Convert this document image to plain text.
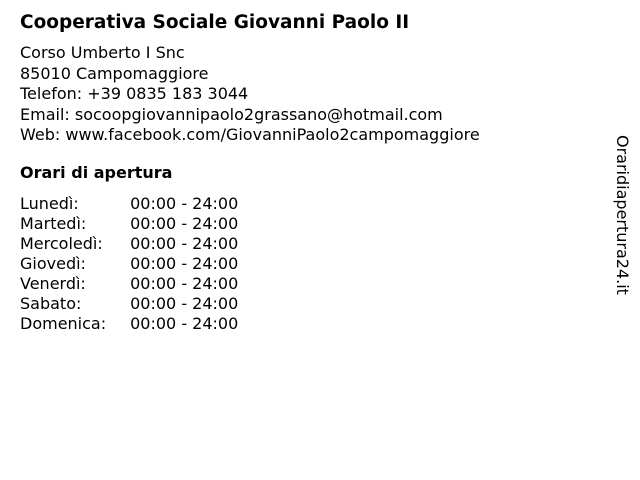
Cooperativa Sociale Giovanni Paolo II
Corso Umberto I Snc
85010 Campomaggiore
Telefon: +39 0835 183 3044
Email: socoopgiovannipaolo2grassano@hotmail.com
Web: www.facebook.com/GiovanniPaolo2campomaggiore
Orari di apertura
Lunedì:	00:00 - 24:00
Martedì:	00:00 - 24:00
Mercoledì:	00:00 - 24:00
Giovedì:	00:00 - 24:00
Venerdì:	00:00 - 24:00
Sabato:	00:00 - 24:00
Domenica:	00:00 - 24:00
Oraridiapertura24.it
